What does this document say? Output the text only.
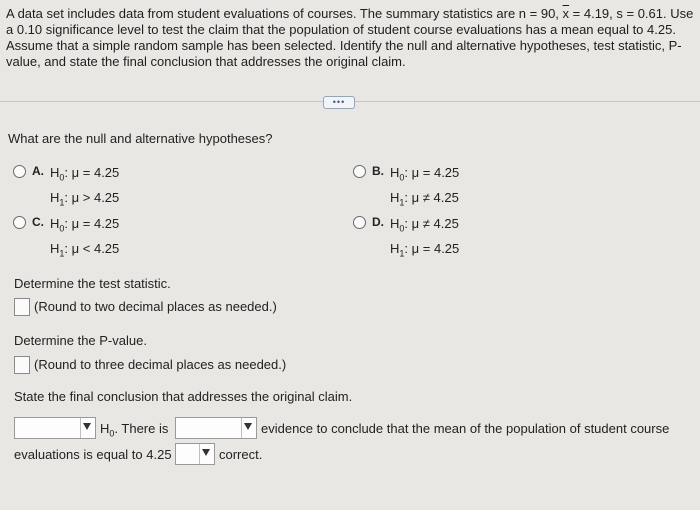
A data set includes data from student evaluations of courses. The summary statistics are n = 90, $\overline{x} = 4.19$, s = 0.61. Use a 0.10 significance level to test the claim that the population of student course evaluations has a mean equal to 4.25. Assume that a simple random sample has been selected. Identify the null and alternative hypotheses, test statistic, P-value, and state the final conclusion that addresses the original claim.
•••
What are the null and alternative hypotheses?
A. $H_0$: μ = 4.25
$H_1$: μ > 4.25
B. $H_0$: μ = 4.25
$H_1$: μ ≠ 4.25
C. $H_0$: μ = 4.25
$H_1$: μ < 4.25
D. $H_0$: μ ≠ 4.25
$H_1$: μ = 4.25
Determine the test statistic.
(Round to two decimal places as needed.)
Determine the P-value.
(Round to three decimal places as needed.)
State the final conclusion that addresses the original claim.
$H_0$. There is	evidence to conclude that the mean of the population of student course
evaluations is equal to 4.25	correct.
